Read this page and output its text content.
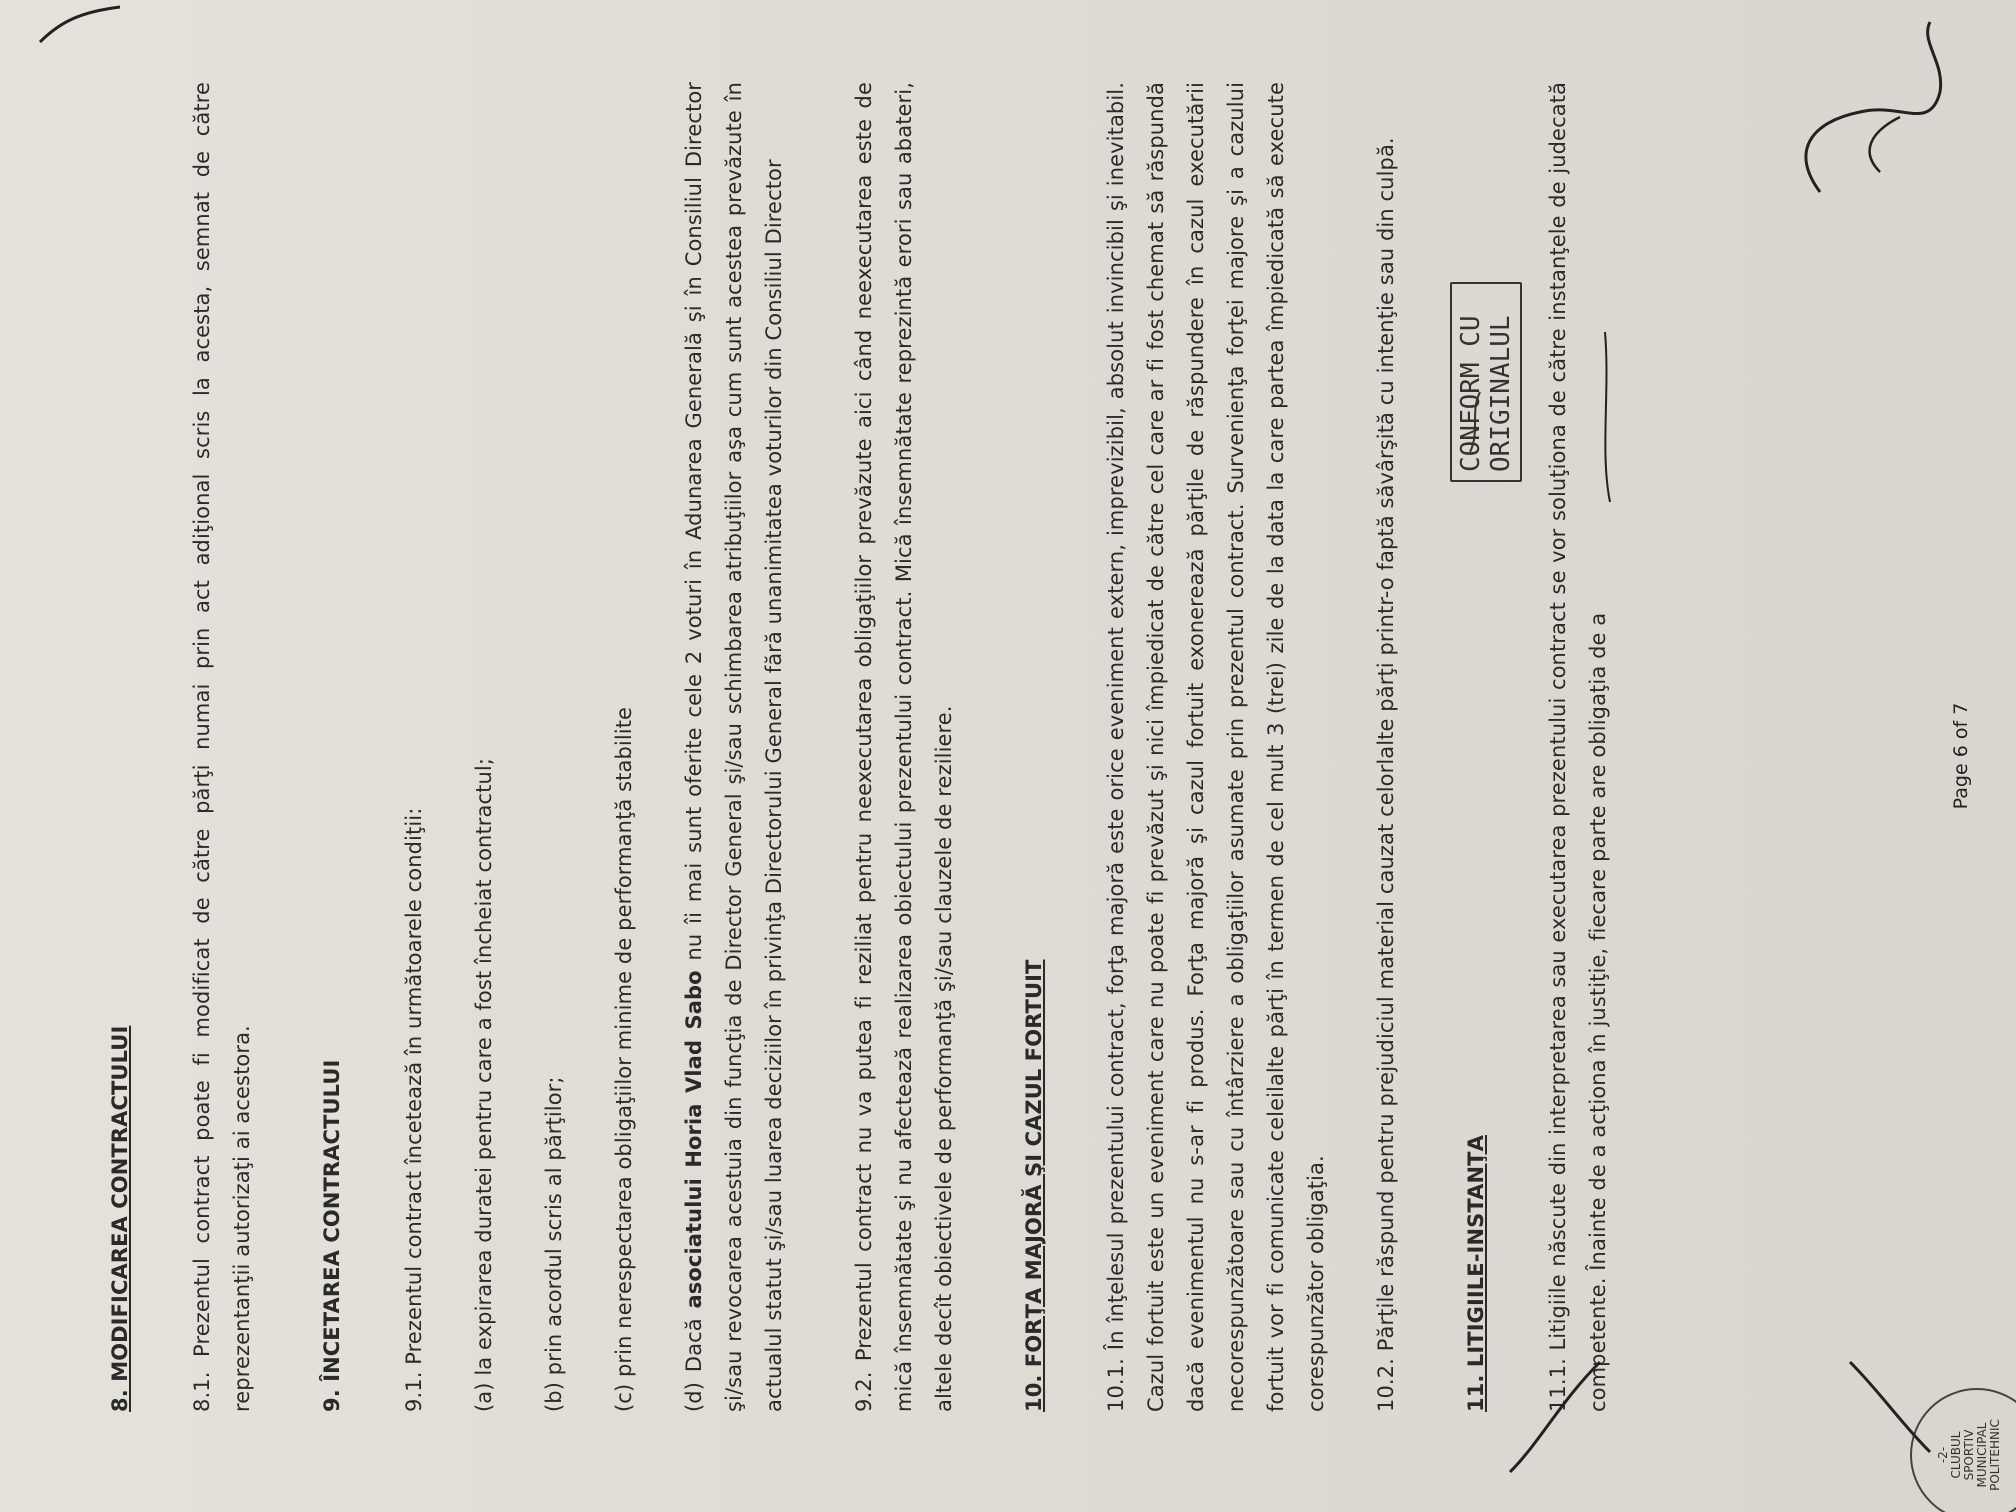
8. MODIFICAREA CONTRACTULUI	8.1. Prezentul contract poate fi modificat de către părţi numai prin act adiţional scris la acesta, semnat de către reprezentanţii autorizaţi ai acestora.	9. ÎNCETAREA CONTRACTULUI	9.1. Prezentul contract încetează în următoarele condiţii:	(a) la expirarea duratei pentru care a fost încheiat contractul;	(b) prin acordul scris al părţilor;	(c) prin nerespectarea obligaţiilor minime de performanţă stabilite	(d) Dacă asociatului Horia Vlad Sabo nu îi mai sunt oferite cele 2 voturi în Adunarea Generală şi în Consiliul Director şi/sau revocarea acestuia din funcţia de Director General şi/sau schimbarea atribuţiilor aşa cum sunt acestea prevăzute în actualul statut şi/sau luarea deciziilor în privinţa Directorului General fără unanimitatea voturilor din Consiliul Director	9.2. Prezentul contract nu va putea fi reziliat pentru neexecutarea obligaţiilor prevăzute aici când neexecutarea este de mică însemnătate şi nu afectează realizarea obiectului prezentului contract. Mică însemnătate reprezintă erori sau abateri, altele decît obiectivele de performanţă şi/sau clauzele de reziliere.	10. FORŢA MAJORĂ ŞI CAZUL FORTUIT	10.1. În înţelesul prezentului contract, forţa majoră este orice eveniment extern, imprevizibil, absolut invincibil şi inevitabil. Cazul fortuit este un eveniment care nu poate fi prevăzut şi nici împiedicat de către cel care ar fi fost chemat să răspundă dacă evenimentul nu s-ar fi produs. Forţa majoră şi cazul fortuit exonerează părţile de răspundere în cazul executării necorespunzătoare sau cu întârziere a obligaţiilor asumate prin prezentul contract. Survenienţa forţei majore şi a cazului fortuit vor fi comunicate celeilalte părţi în termen de cel mult 3 (trei) zile de la data la care partea împiedicată să execute corespunzător obligaţia.	10.2. Părţile răspund pentru prejudiciul material cauzat celorlalte părţi printr-o faptă săvârşită cu intenţie sau din culpă.	11. LITIGIILE-INSTANŢA	11.1. Litigiile născute din interpretarea sau executarea prezentului contract se vor soluţiona de către instanţele de judecată competente. Înainte de a acţiona în justiţie, fiecare parte are obligaţia de a

CONFORM CU ORIGINALUL
Page 6 of 7
-2- CLUBUL SPORTIV MUNICIPAL POLITEHNIC
